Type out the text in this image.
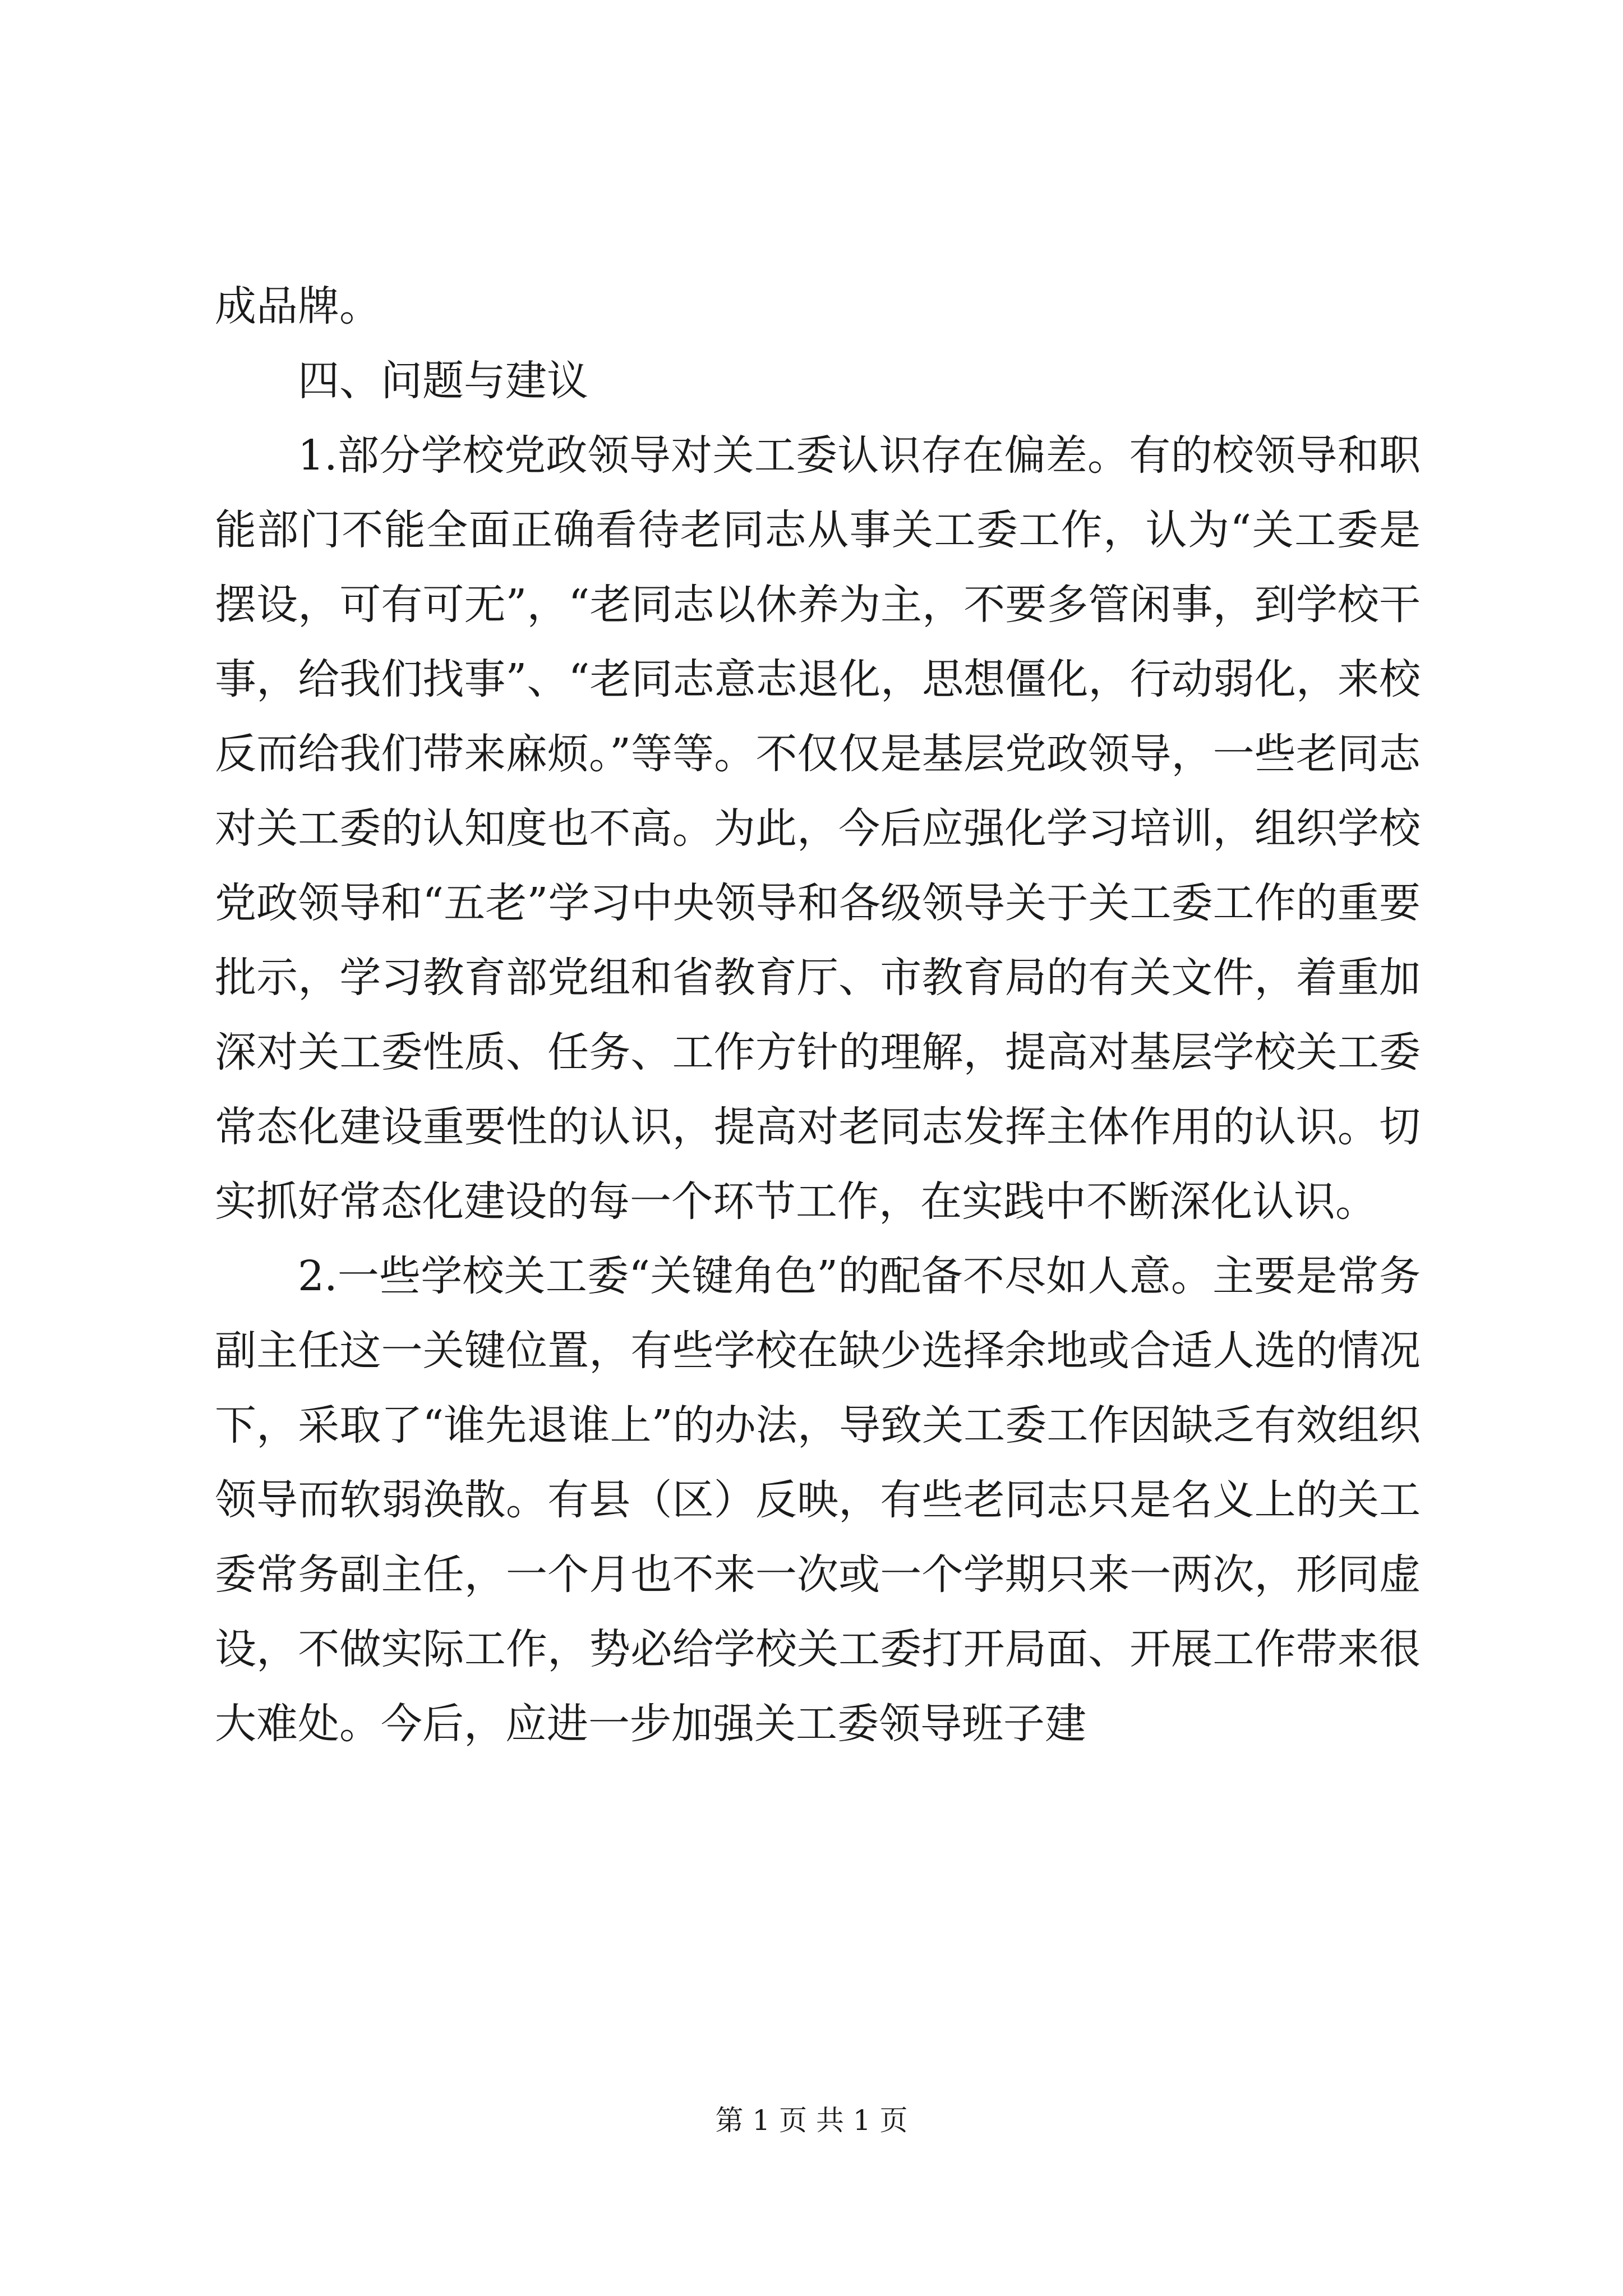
成品牌。

四、问题与建议

1.部分学校党政领导对关工委认识存在偏差。有的校领导和职能部门不能全面正确看待老同志从事关工委工作，认为“关工委是摆设，可有可无”，“老同志以休养为主，不要多管闲事，到学校干事，给我们找事”、“老同志意志退化，思想僵化，行动弱化，来校反而给我们带来麻烦。”等等。不仅仅是基层党政领导，一些老同志对关工委的认知度也不高。为此，今后应强化学习培训，组织学校党政领导和“五老”学习中央领导和各级领导关于关工委工作的重要批示，学习教育部党组和省教育厅、市教育局的有关文件，着重加深对关工委性质、任务、工作方针的理解，提高对基层学校关工委常态化建设重要性的认识，提高对老同志发挥主体作用的认识。切实抓好常态化建设的每一个环节工作，在实践中不断深化认识。

2.一些学校关工委“关键角色”的配备不尽如人意。主要是常务副主任这一关键位置，有些学校在缺少选择余地或合适人选的情况下，采取了“谁先退谁上”的办法，导致关工委工作因缺乏有效组织领导而软弱涣散。有县（区）反映，有些老同志只是名义上的关工委常务副主任，一个月也不来一次或一个学期只来一两次，形同虚设，不做实际工作，势必给学校关工委打开局面、开展工作带来很大难处。今后，应进一步加强关工委领导班子建

第 1 页 共 1 页
